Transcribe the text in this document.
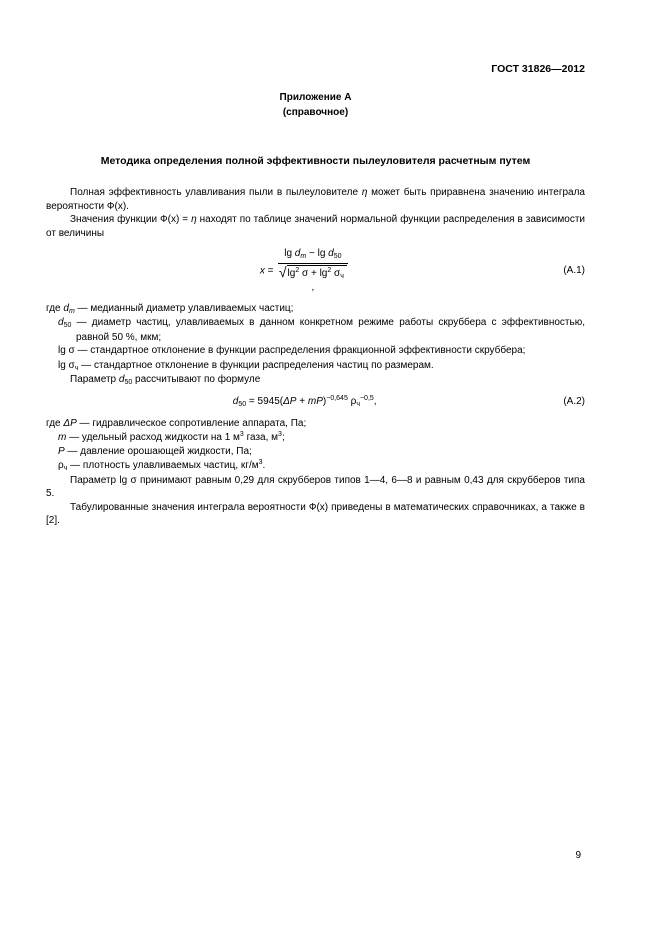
ГОСТ 31826—2012
Приложение А
(справочное)
Методика определения полной эффективности пылеуловителя расчетным путем

Полная эффективность улавливания пыли в пылеуловителе η может быть приравнена значению интеграла вероятности Ф(x).

Значения функции Ф(x) = η находят по таблице значений нормальной функции распределения в зависимости от величины

x =
$\lg d_m - \lg d_{50}$
$√\lg^2$ $\sigma + \lg^2 \sigma_ч$
,
(А.1)

где $d_m$ — медианный диаметр улавливаемых частиц;

$d_{50}$ — диаметр частиц, улавливаемых в данном конкретном режиме работы скруббера с эффективностью, равной 50 %, мкм;

lg σ — стандартное отклонение в функции распределения фракционной эффективности скруббера;

$\lg \sigma_ч$ — стандартное отклонение в функции распределения частиц по размерам.

Параметр $d_{50}$ рассчитывают по формуле

$d_{50} = 5945(\Delta P + mP)^{-0,645}$ $\rho_ч^{-0,5}$,	(А.2)

где ΔP — гидравлическое сопротивление аппарата, Па;

m — удельный расход жидкости на 1 $м^3$ газа, $м^3$;

P — давление орошающей жидкости, Па;

$\rho_ч$ — плотность улавливаемых частиц, $кг/м^3$.

Параметр lg σ принимают равным 0,29 для скрубберов типов 1—4, 6—8 и равным 0,43 для скрубберов типа 5.

Табулированные значения интеграла вероятности Ф(x) приведены в математических справочниках, а также в [2].

9
